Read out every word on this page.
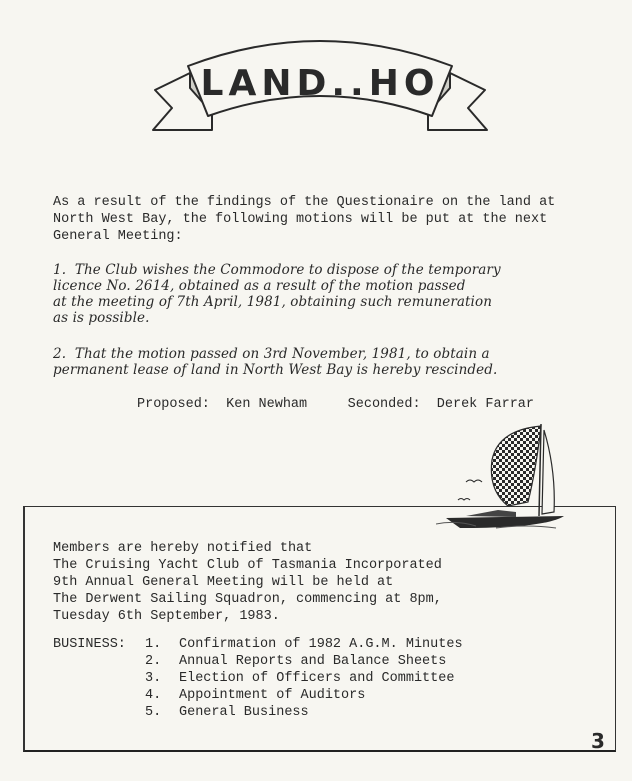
LAND..HO
As a result of the findings of the Questionaire on the land at
North West Bay, the following motions will be put at the next
General Meeting:
1.  The Club wishes the Commodore to dispose of the temporary
licence No. 2614, obtained as a result of the motion passed
at the meeting of 7th April, 1981, obtaining such remuneration
as is possible.
2.  That the motion passed on 3rd November, 1981, to obtain a
permanent lease of land in North West Bay is hereby rescinded.
Proposed: Ken Newham	Seconded: Derek Farrar
Members are hereby notified that
The Cruising Yacht Club of Tasmania Incorporated
9th Annual General Meeting will be held at
The Derwent Sailing Squadron, commencing at 8pm,
Tuesday 6th September, 1983.
BUSINESS: 1. Confirmation of 1982 A.G.M. Minutes
2. Annual Reports and Balance Sheets
3. Election of Officers and Committee
4. Appointment of Auditors
5. General Business
3
